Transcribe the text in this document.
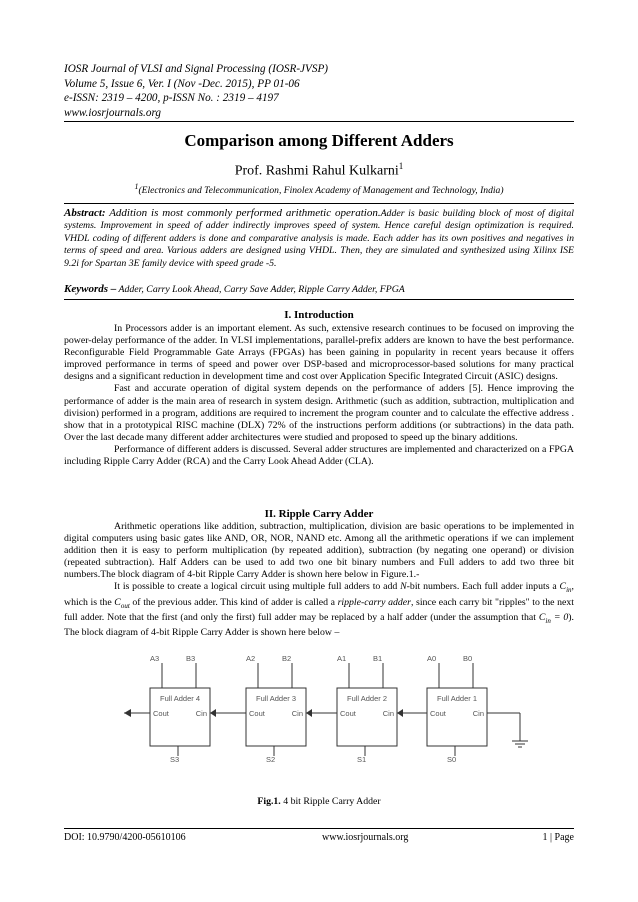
IOSR Journal of VLSI and Signal Processing (IOSR-JVSP)
Volume 5, Issue 6, Ver. I (Nov -Dec. 2015), PP 01-06
e-ISSN: 2319 – 4200, p-ISSN No. : 2319 – 4197
www.iosrjournals.org
Comparison among Different Adders
Prof. Rashmi Rahul Kulkarni$^1$
$^1$(Electronics and Telecommunication, Finolex Academy of Management and Technology, India)
Abstract: Addition is most commonly performed arithmetic operation.Adder is basic building block of most of digital systems. Improvement in speed of adder indirectly improves speed of system. Hence careful design optimization is required. VHDL coding of different adders is done and comparative analysis is made. Each adder has its own positives and negatives in terms of speed and area. Various adders are designed using VHDL. Then, they are simulated and synthesized using Xilinx ISE 9.2i for Spartan 3E family device with speed grade -5.
Keywords – Adder, Carry Look Ahead, Carry Save Adder, Ripple Carry Adder, FPGA
I. Introduction

In Processors adder is an important element. As such, extensive research continues to be focused on improving the power-delay performance of the adder. In VLSI implementations, parallel-prefix adders are known to have the best performance. Reconfigurable Field Programmable Gate Arrays (FPGAs) has been gaining in popularity in recent years because it offers improved performance in terms of speed and power over DSP-based and microprocessor-based solutions for many practical designs and a significant reduction in development time and cost over Application Specific Integrated Circuit (ASIC) designs.

Fast and accurate operation of digital system depends on the performance of adders [5]. Hence improving the performance of adder is the main area of research in system design. Arithmetic (such as addition, subtraction, multiplication and division) performed in a program, additions are required to increment the program counter and to calculate the effective address . show that in a prototypical RISC machine (DLX) 72% of the instructions perform additions (or subtractions) in the data path. Over the last decade many different adder architectures were studied and proposed to speed up the binary additions.

Performance of different adders is discussed. Several adder structures are implemented and characterized on a FPGA including Ripple Carry Adder (RCA) and the Carry Look Ahead Adder (CLA).

II. Ripple Carry Adder

Arithmetic operations like addition, subtraction, multiplication, division are basic operations to be implemented in digital computers using basic gates like AND, OR, NOR, NAND etc. Among all the arithmetic operations if we can implement addition then it is easy to perform multiplication (by repeated addition), subtraction (by negating one operand) or division (repeated subtraction). Half Adders can be used to add two one bit binary numbers and Full adders to add two three bit numbers.The block diagram of 4-bit Ripple Carry Adder is shown here below in Figure.1.-

It is possible to create a logical circuit using multiple full adders to add N-bit numbers. Each full adder inputs a $C_{in}$, which is the $C_{out}$ of the previous adder. This kind of adder is called a ripple-carry adder, since each carry bit "ripples" to the next full adder. Note that the first (and only the first) full adder may be replaced by a half adder (under the assumption that $C_{in} = 0$). The block diagram of 4-bit Ripple Carry Adder is shown here below –

Full Adder 4
Cout	Cin
A3	B3
S3
Full Adder 3
Cout	Cin
A2	B2
S2
Full Adder 2
Cout	Cin
A1	B1
S1
Full Adder 1
Cout	Cin
A0	B0
S0
Fig.1. 4 bit Ripple Carry Adder
DOI: 10.9790/4200-05610106	www.iosrjournals.org	1 | Page
